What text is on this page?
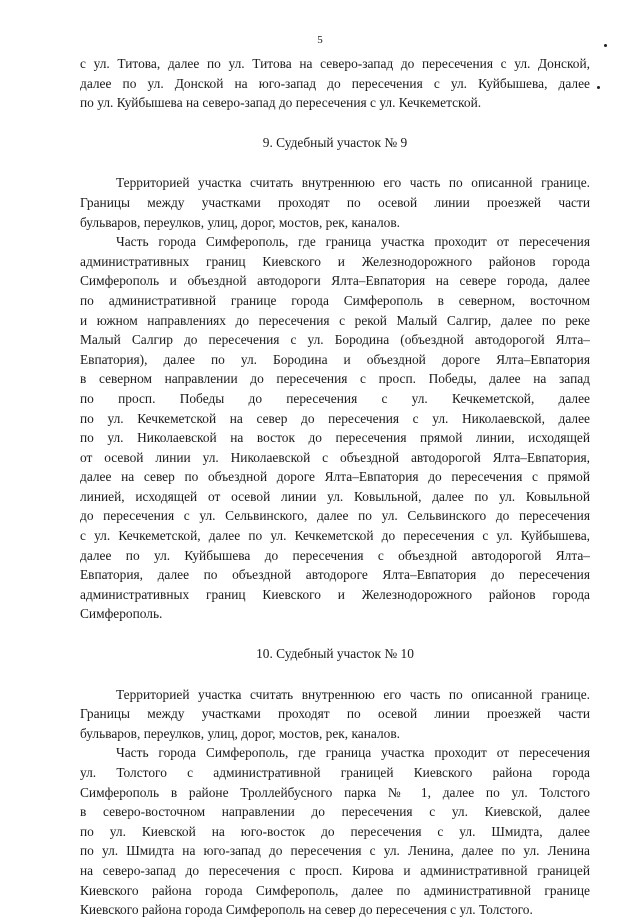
5
с ул. Титова, далее по ул. Титова на северо-запад до пересечения с ул. Донской,
далее по ул. Донской на юго-запад до пересечения с ул. Куйбышева, далее
по ул. Куйбышева на северо-запад до пересечения с ул. Кечкеметской.
9. Судебный участок № 9
Территорией участка считать внутреннюю его часть по описанной границе.
Границы между участками проходят по осевой линии проезжей части
бульваров, переулков, улиц, дорог, мостов, рек, каналов.
Часть города Симферополь, где граница участка проходит от пересечения
административных границ Киевского и Железнодорожного районов города
Симферополь и объездной автодороги Ялта–Евпатория на севере города, далее
по административной границе города Симферополь в северном, восточном
и южном направлениях до пересечения с рекой Малый Салгир, далее по реке
Малый Салгир до пересечения с ул. Бородина (объездной автодорогой Ялта–
Евпатория), далее по ул. Бородина и объездной дороге Ялта–Евпатория
в северном направлении до пересечения с просп. Победы, далее на запад
по просп. Победы до пересечения с ул. Кечкеметской, далее
по ул. Кечкеметской на север до пересечения с ул. Николаевской, далее
по ул. Николаевской на восток до пересечения прямой линии, исходящей
от осевой линии ул. Николаевской с объездной автодорогой Ялта–Евпатория,
далее на север по объездной дороге Ялта–Евпатория до пересечения с прямой
линией, исходящей от осевой линии ул. Ковыльной, далее по ул. Ковыльной
до пересечения с ул. Сельвинского, далее по ул. Сельвинского до пересечения
с ул. Кечкеметской, далее по ул. Кечкеметской до пересечения с ул. Куйбышева,
далее по ул. Куйбышева до пересечения с объездной автодорогой Ялта–
Евпатория, далее по объездной автодороге Ялта–Евпатория до пересечения
административных границ Киевского и Железнодорожного районов города
Симферополь.
10. Судебный участок № 10
Территорией участка считать внутреннюю его часть по описанной границе.
Границы между участками проходят по осевой линии проезжей части
бульваров, переулков, улиц, дорог, мостов, рек, каналов.
Часть города Симферополь, где граница участка проходит от пересечения
ул. Толстого с административной границей Киевского района города
Симферополь в районе Троллейбусного парка № 1, далее по ул. Толстого
в северо-восточном направлении до пересечения с ул. Киевской, далее
по ул. Киевской на юго-восток до пересечения с ул. Шмидта, далее
по ул. Шмидта на юго-запад до пересечения с ул. Ленина, далее по ул. Ленина
на северо-запад до пересечения с просп. Кирова и административной границей
Киевского района города Симферополь, далее по административной границе
Киевского района города Симферополь на север до пересечения с ул. Толстого.
